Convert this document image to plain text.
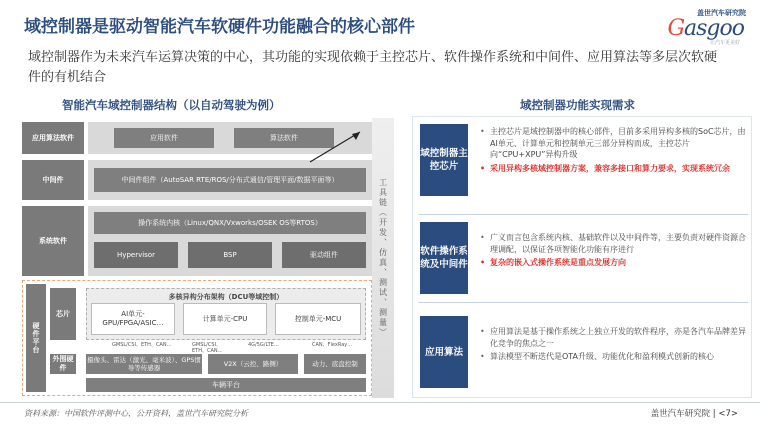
域控制器是驱动智能汽车软硬件功能融合的核心部件
盖世汽车研究院
Gasgoo
让汽车更美好
域控制器作为未来汽车运算决策的中心，其功能的实现依赖于主控芯片、软件操作系统和中间件、应用算法等多层次软硬件的有机结合
智能汽车域控制器结构（以自动驾驶为例）	域控制器功能实现需求
应用算法软件	应用软件	算法软件
中间件	中间件组件（AutoSAR RTE/ROS/分布式通信/管理平面/数据平面等）
系统软件
操作系统内核（Linux/QNX/Vxworks/OSEK OS等RTOS）
Hypervisor	BSP	驱动组件
硬件平台
芯片
多核异构分布架构（DCU等域控制）
AI单元-GPU/FPGA/ASIC…
计算单元-CPU	控制单元-MCU
GMSL/CSI、ETH、CAN…	GMSL/CSI、ETH、CAN…
4G/5G/LTE…	CAN、FlexRay…
外围硬件
摄像头、雷达（激光、毫米波）、GPS惯导等传感器	V2X（云控、路侧）	动力、底盘控制
车辆平台
工具链（开发、仿真、测试、测量）
域控制器主控芯片
• 主控芯片是域控制器中的核心部件，目前多采用异构多核的SoC芯片，由AI单元、计算单元和控制单元三部分异构而成，主控芯片向“CPU+XPU”异构升级
• 采用异构多核域控制器方案，兼容多接口和算力要求，实现系统冗余
软件操作系统及中间件
• 广义而言包含系统内核、基础软件以及中间件等，主要负责对硬件资源合理调配，以保证各项智能化功能有序进行
• 复杂的嵌入式操作系统是重点发展方向
应用算法
• 应用算法是基于操作系统之上独立开发的软件程序，亦是各汽车品牌差异化竞争的焦点之一
• 算法模型不断迭代是OTA升级、功能优化和盈利模式创新的核心
资料来源：中国软件评测中心，公开资料，盖世汽车研究院分析	盖世汽车研究院 | <7>
